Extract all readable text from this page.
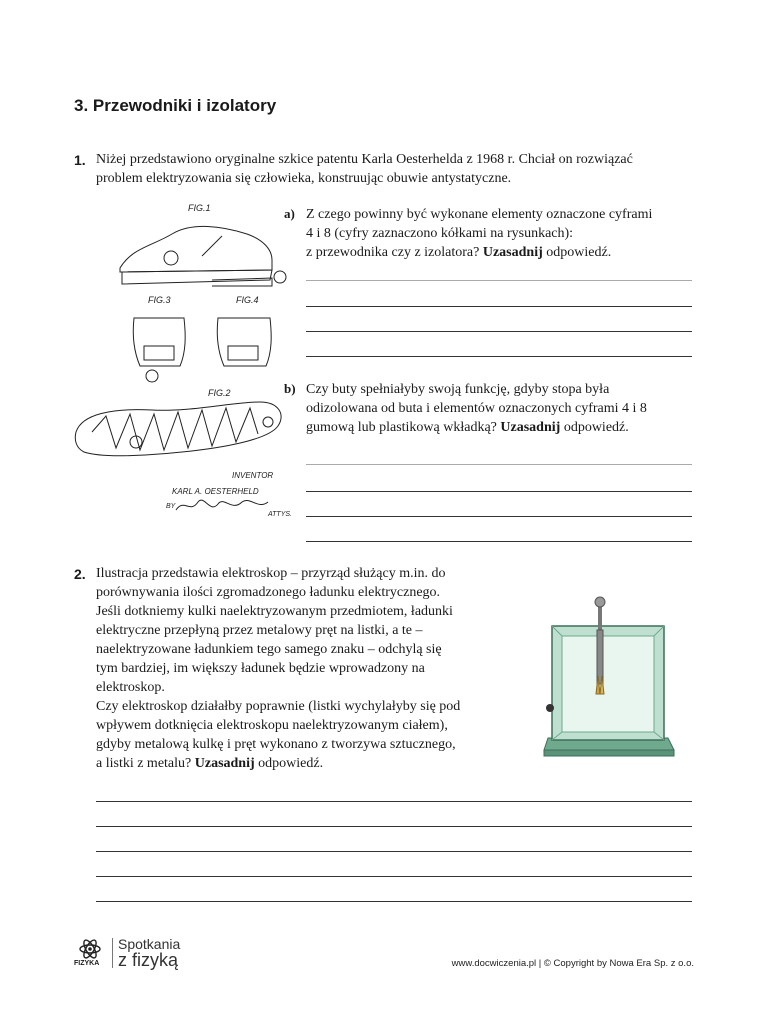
3. Przewodniki i izolatory
1. Niżej przedstawiono oryginalne szkice patentu Karla Oesterhelda z 1968 r. Chciał on rozwiązać
problem elektryzowania się człowieka, konstruując obuwie antystatyczne.
FIG.1
FIG.3	FIG.4
FIG.2
INVENTOR
KARL A. OESTERHELD
BY
ATTYS.
a) Z czego powinny być wykonane elementy oznaczone cyframi
4 i 8 (cyfry zaznaczono kółkami na rysunkach):
z przewodnika czy z izolatora? Uzasadnij odpowiedź.
b) Czy buty spełniałyby swoją funkcję, gdyby stopa była
odizolowana od buta i elementów oznaczonych cyframi 4 i 8
gumową lub plastikową wkładką? Uzasadnij odpowiedź.
2. Ilustracja przedstawia elektroskop – przyrząd służący m.in. do
porównywania ilości zgromadzonego ładunku elektrycznego.
Jeśli dotkniemy kulki naelektryzowanym przedmiotem, ładunki
elektryczne przepłyną przez metalowy pręt na listki, a te –
naelektryzowane ładunkiem tego samego znaku – odchylą się
tym bardziej, im większy ładunek będzie wprowadzony na
elektroskop.
Czy elektroskop działałby poprawnie (listki wychylałyby się pod
wpływem dotknięcia elektroskopu naelektryzowanym ciałem),
gdyby metalową kulkę i pręt wykonano z tworzywa sztucznego,
a listki z metalu? Uzasadnij odpowiedź.
FIZYKA
Spotkania
z fizyką	www.docwiczenia.pl | © Copyright by Nowa Era Sp. z o.o.
